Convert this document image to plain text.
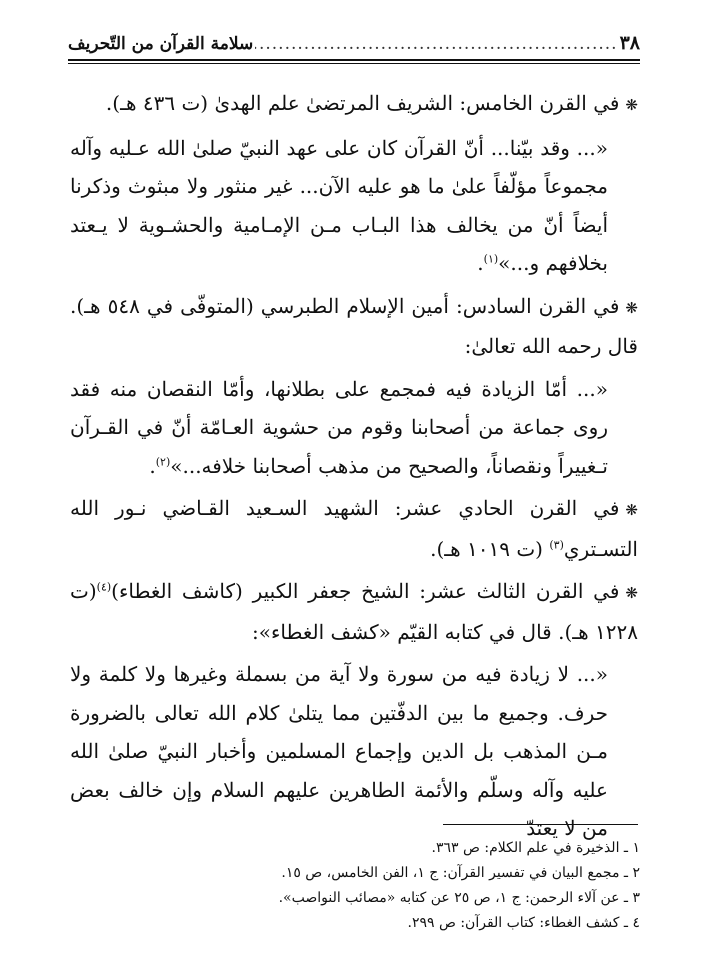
٣٨
.....
سلامة القرآن من التّحريف

❋في القرن الخامس: الشريف المرتضىٰ علم الهدىٰ (ت ٤٣٦ هـ).

«... وقد بيّنا... أنّ القرآن كان على عهد النبيّ صلىٰ الله عـليه وآله مجموعاً مؤلّفاً علىٰ ما هو عليه الآن... غير منثور ولا مبثوث وذكرنا أيضاً أنّ من يخالف هذا البـاب مـن الإمـامية والحشـوية لا يـعتد بخلافهم و...»$^{(١)}$.

❋في القرن السادس: أمين الإسلام الطبرسي (المتوفّى في ٥٤٨ هـ). قال رحمه الله تعالىٰ:

«... أمّا الزيادة فيه فمجمع على بطلانها، وأمّا النقصان منه فقد روى جماعة من أصحابنا وقوم من حشوية العـامّة أنّ في القـرآن تـغييراً ونقصاناً، والصحيح من مذهب أصحابنا خلافه...»$^{(٢)}$.

❋في القرن الحادي عشر: الشهيد السـعيد القـاضي نـور الله التسـتري$^{(٣)}$ (ت ١٠١٩ هـ).

❋في القرن الثالث عشر: الشيخ جعفر الكبير (كاشف الغطاء)$^{(٤)}$(ت ١٢٢٨ هـ). قال في كتابه القيّم «كشف الغطاء»:

«... لا زيادة فيه من سورة ولا آية من بسملة وغيرها ولا كلمة ولا حرف. وجميع ما بين الدفّتين مما يتلىٰ كلام الله تعالى بالضرورة مـن المذهب بل الدين وإجماع المسلمين وأخبار النبيّ صلىٰ الله عليه وآله وسلّم والأئمة الطاهرين عليهم السلام وإن خالف بعض من لا يعتدّ

١ ـ الذخيرة في علم الكلام: ص ٣٦٣.

٢ ـ مجمع البيان في تفسير القرآن: ج ١، الفن الخامس، ص ١٥.

٣ ـ عن آلاء الرحمن: ج ١، ص ٢٥ عن كتابه «مصائب النواصب».

٤ ـ كشف الغطاء: كتاب القرآن: ص ٢٩٩.
